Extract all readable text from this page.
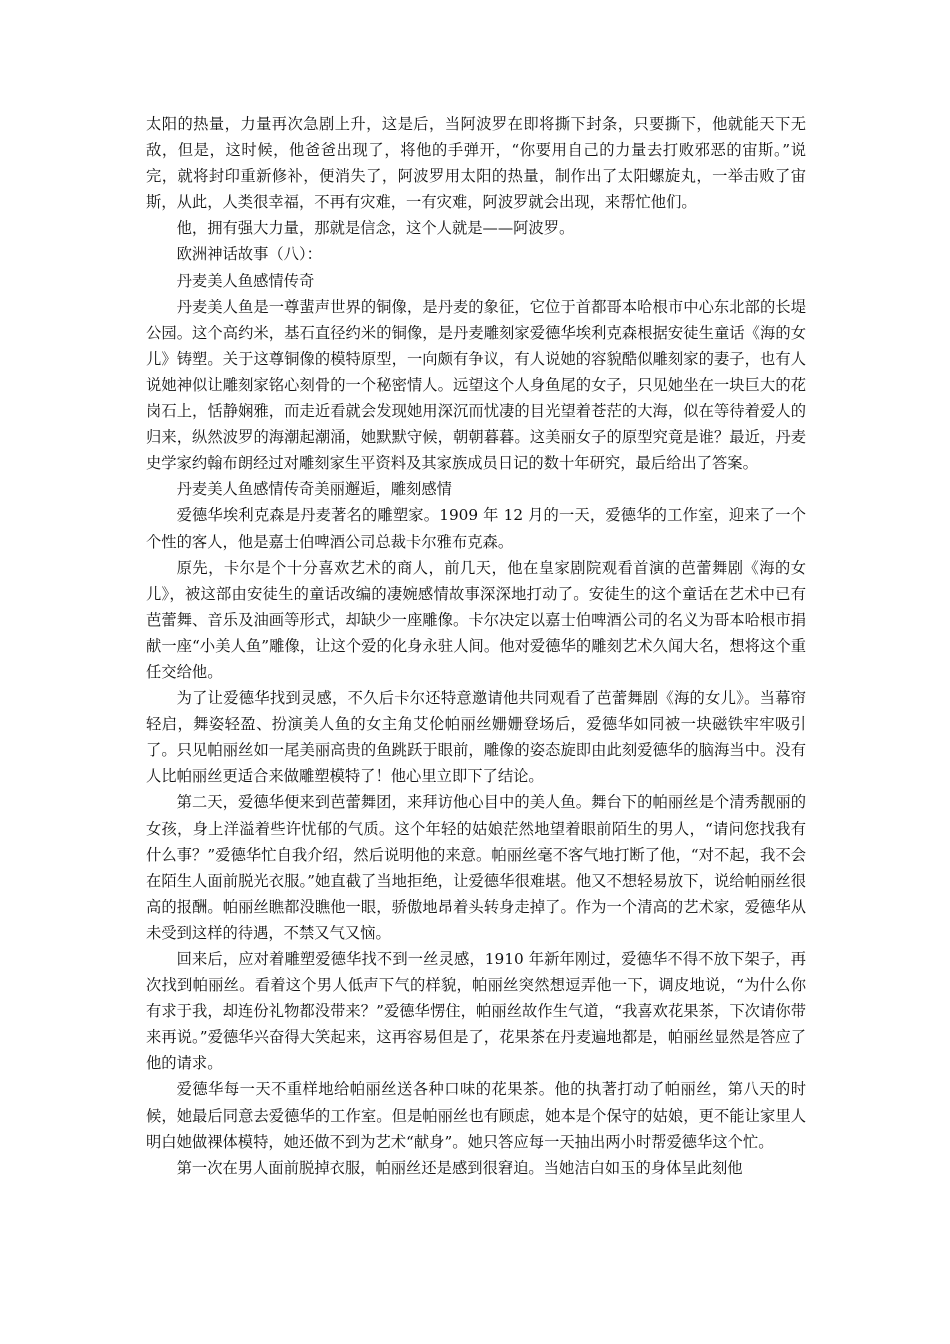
太阳的热量，力量再次急剧上升，这是后，当阿波罗在即将撕下封条，只要撕下，他就能天下无敌，但是，这时候，他爸爸出现了，将他的手弹开，“你要用自己的力量去打败邪恶的宙斯。”说完，就将封印重新修补，便消失了，阿波罗用太阳的热量，制作出了太阳螺旋丸，一举击败了宙斯，从此，人类很幸福，不再有灾难，一有灾难，阿波罗就会出现，来帮忙他们。

他，拥有强大力量，那就是信念，这个人就是——阿波罗。

欧洲神话故事（八）：

丹麦美人鱼感情传奇

丹麦美人鱼是一尊蜚声世界的铜像，是丹麦的象征，它位于首都哥本哈根市中心东北部的长堤公园。这个高约米，基石直径约米的铜像，是丹麦雕刻家爱德华埃利克森根据安徒生童话《海的女儿》铸塑。关于这尊铜像的模特原型，一向颇有争议，有人说她的容貌酷似雕刻家的妻子，也有人说她神似让雕刻家铭心刻骨的一个秘密情人。远望这个人身鱼尾的女子，只见她坐在一块巨大的花岗石上，恬静娴雅，而走近看就会发现她用深沉而忧凄的目光望着苍茫的大海，似在等待着爱人的归来，纵然波罗的海潮起潮涌，她默默守候，朝朝暮暮。这美丽女子的原型究竟是谁？最近，丹麦史学家约翰布朗经过对雕刻家生平资料及其家族成员日记的数十年研究，最后给出了答案。

丹麦美人鱼感情传奇美丽邂逅，雕刻感情

爱德华埃利克森是丹麦著名的雕塑家。1909 年 12 月的一天，爱德华的工作室，迎来了一个个性的客人，他是嘉士伯啤酒公司总裁卡尔雅布克森。

原先，卡尔是个十分喜欢艺术的商人，前几天，他在皇家剧院观看首演的芭蕾舞剧《海的女儿》，被这部由安徒生的童话改编的凄婉感情故事深深地打动了。安徒生的这个童话在艺术中已有芭蕾舞、音乐及油画等形式，却缺少一座雕像。卡尔决定以嘉士伯啤酒公司的名义为哥本哈根市捐献一座“小美人鱼”雕像，让这个爱的化身永驻人间。他对爱德华的雕刻艺术久闻大名，想将这个重任交给他。

为了让爱德华找到灵感，不久后卡尔还特意邀请他共同观看了芭蕾舞剧《海的女儿》。当幕帘轻启，舞姿轻盈、扮演美人鱼的女主角艾伦帕丽丝姗姗登场后，爱德华如同被一块磁铁牢牢吸引了。只见帕丽丝如一尾美丽高贵的鱼跳跃于眼前，雕像的姿态旋即由此刻爱德华的脑海当中。没有人比帕丽丝更适合来做雕塑模特了！他心里立即下了结论。

第二天，爱德华便来到芭蕾舞团，来拜访他心目中的美人鱼。舞台下的帕丽丝是个清秀靓丽的女孩，身上洋溢着些许忧郁的气质。这个年轻的姑娘茫然地望着眼前陌生的男人，“请问您找我有什么事？”爱德华忙自我介绍，然后说明他的来意。帕丽丝毫不客气地打断了他，“对不起，我不会在陌生人面前脱光衣服。”她直截了当地拒绝，让爱德华很难堪。他又不想轻易放下，说给帕丽丝很高的报酬。帕丽丝瞧都没瞧他一眼，骄傲地昂着头转身走掉了。作为一个清高的艺术家，爱德华从未受到这样的待遇，不禁又气又恼。

回来后，应对着雕塑爱德华找不到一丝灵感，1910 年新年刚过，爱德华不得不放下架子，再次找到帕丽丝。看着这个男人低声下气的样貌，帕丽丝突然想逗弄他一下，调皮地说，“为什么你有求于我，却连份礼物都没带来？”爱德华愣住，帕丽丝故作生气道，“我喜欢花果茶，下次请你带来再说。”爱德华兴奋得大笑起来，这再容易但是了，花果茶在丹麦遍地都是，帕丽丝显然是答应了他的请求。

爱德华每一天不重样地给帕丽丝送各种口味的花果茶。他的执著打动了帕丽丝，第八天的时候，她最后同意去爱德华的工作室。但是帕丽丝也有顾虑，她本是个保守的姑娘，更不能让家里人明白她做裸体模特，她还做不到为艺术“献身”。她只答应每一天抽出两小时帮爱德华这个忙。

第一次在男人面前脱掉衣服，帕丽丝还是感到很窘迫。当她洁白如玉的身体呈此刻他
